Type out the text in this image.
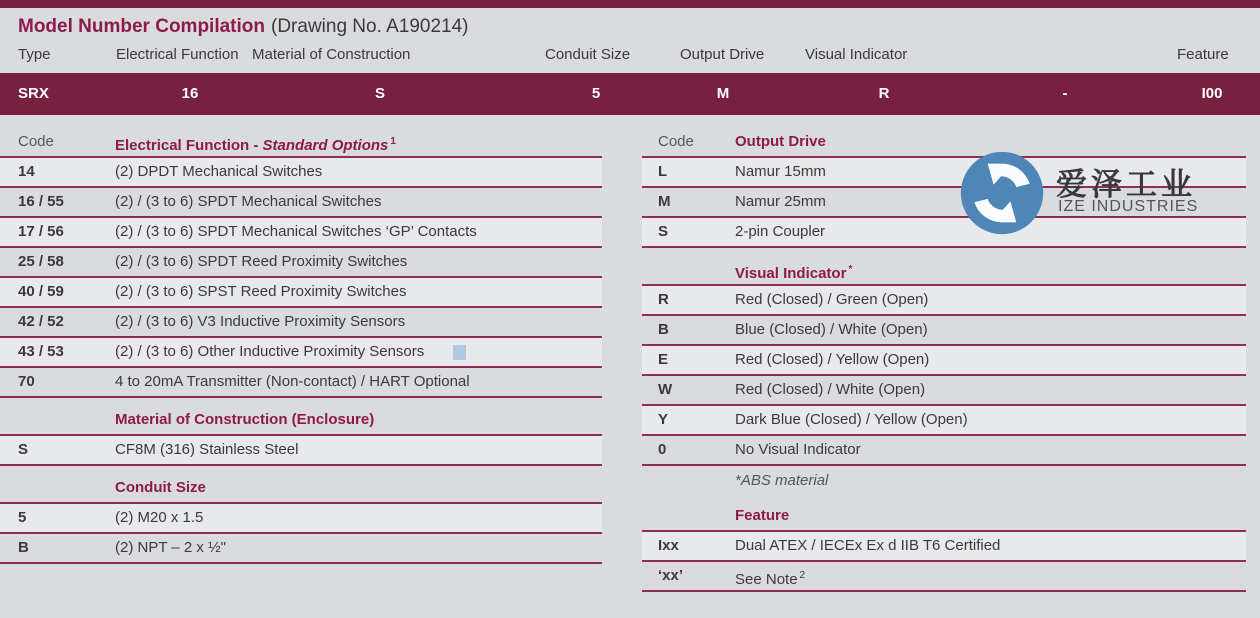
Model Number Compilation (Drawing No. A190214)
Type	Electrical Function Material of Construction	Conduit Size	Output Drive	Visual Indicator	Feature
SRX	16	S	5	M	R	-	I00
Code	Electrical Function - Standard Options $^1$
14	(2) DPDT Mechanical Switches
16 / 55	(2) / (3 to 6) SPDT Mechanical Switches
17 / 56	(2) / (3 to 6) SPDT Mechanical Switches ‘GP’ Contacts
25 / 58	(2) / (3 to 6) SPDT Reed Proximity Switches
40 / 59	(2) / (3 to 6) SPST Reed Proximity Switches
42 / 52	(2) / (3 to 6) V3 Inductive Proximity Sensors
43 / 53	(2) / (3 to 6) Other Inductive Proximity Sensors
70	4 to 20mA Transmitter (Non-contact) / HART Optional
Material of Construction (Enclosure)
S	CF8M (316) Stainless Steel
Conduit Size
5	(2) M20 x 1.5
B	(2) NPT – 2 x ½"
Code	Output Drive
L	Namur 15mm
M	Namur 25mm
S	2-pin Coupler
Visual Indicator *
R	Red (Closed) / Green (Open)
B	Blue (Closed) / White (Open)
E	Red (Closed) / Yellow (Open)
W	Red (Closed) / White (Open)
Y	Dark Blue (Closed) / Yellow (Open)
0	No Visual Indicator
*ABS material
Feature
Ixx	Dual ATEX / IECEx Ex d IIB T6 Certified
‘xx’	See Note $^2$
爱泽工业
IZE INDUSTRIES
